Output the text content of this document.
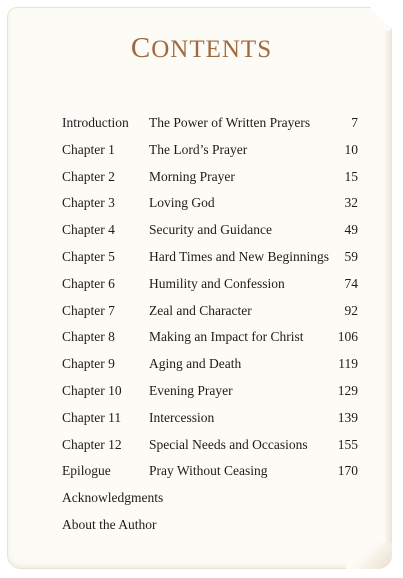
CONTENTS
Introduction The Power of Written Prayers	7
Chapter 1	The Lord’s Prayer	10
Chapter 2	Morning Prayer	15
Chapter 3	Loving God	32
Chapter 4	Security and Guidance	49
Chapter 5	Hard Times and New Beginnings 59
Chapter 6	Humility and Confession	74
Chapter 7	Zeal and Character	92
Chapter 8	Making an Impact for Christ	106
Chapter 9	Aging and Death	119
Chapter 10 Evening Prayer	129
Chapter 11 Intercession	139
Chapter 12 Special Needs and Occasions 155
Epilogue	Pray Without Ceasing	170
Acknowledgments
About the Author
